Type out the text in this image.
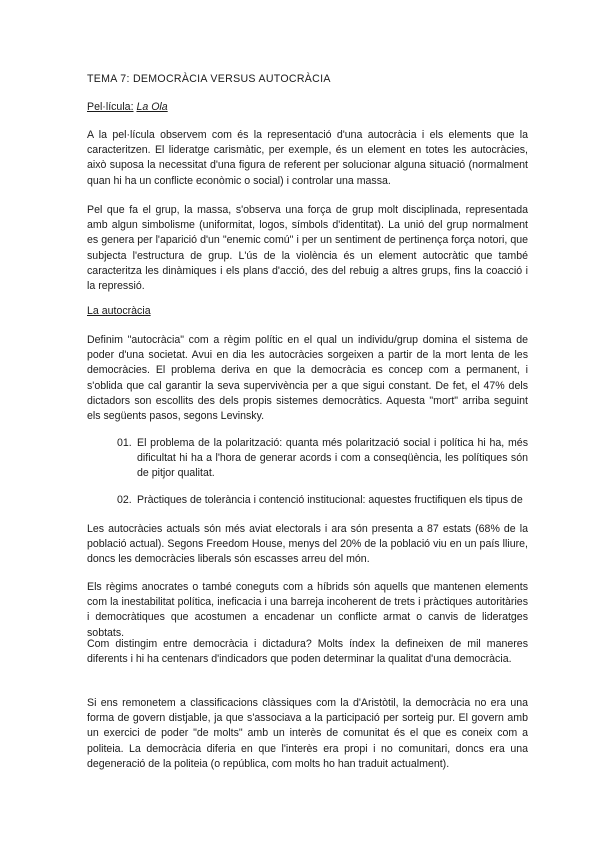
TEMA 7: DEMOCRÀCIA VERSUS AUTOCRÀCIA

Pel·lícula: La Ola

A la pel·lícula observem com és la representació d'una autocràcia i els elements que la caracteritzen. El lideratge carismàtic, per exemple, és un element en totes les autocràcies, això suposa la necessitat d'una figura de referent per solucionar alguna situació (normalment quan hi ha un conflicte econòmic o social) i controlar una massa.

Pel que fa el grup, la massa, s'observa una força de grup molt disciplinada, representada amb algun simbolisme (uniformitat, logos, símbols d'identitat). La unió del grup normalment es genera per l'aparició d'un "enemic comú" i per un sentiment de pertinença força notori, que subjecta l'estructura de grup. L'ús de la violència és un element autocràtic que també caracteritza les dinàmiques i els plans d'acció, des del rebuig a altres grups, fins la coacció i la repressió.

La autocràcia

Definim "autocràcia" com a règim polític en el qual un individu/grup domina el sistema de poder d'una societat. Avui en dia les autocràcies sorgeixen a partir de la mort lenta de les democràcies. El problema deriva en que la democràcia es concep com a permanent, i s'oblida que cal garantir la seva supervivència per a que sigui constant. De fet, el 47% dels dictadors son escollits des dels propis sistemes democràtics. Aquesta "mort" arriba seguint els següents pasos, segons Levinsky.

01. El problema de la polarització: quanta més polarització social i política hi ha, més dificultat hi ha a l'hora de generar acords i com a conseqüència, les polítiques són de pitjor qualitat.
02. Pràctiques de tolerància i contenció institucional: aquestes fructifiquen els tipus de

Les autocràcies actuals són més aviat electorals i ara són presenta a 87 estats (68% de la població actual). Segons Freedom House, menys del 20% de la població viu en un país lliure, doncs les democràcies liberals són escasses arreu del món.

Els règims anocrates o també coneguts com a híbrids són aquells que mantenen elements com la inestabilitat política, ineficacia i una barreja incoherent de trets i pràctiques autoritàries i democràtiques que acostumen a encadenar un conflicte armat o canvis de lideratges sobtats.

Com distingim entre democràcia i dictadura? Molts índex la defineixen de mil maneres diferents i hi ha centenars d'indicadors que poden determinar la qualitat d'una democràcia.

Si ens remonetem a classificacions clàssiques com la d'Aristòtil, la democràcia no era una forma de govern distjable, ja que s'associava a la participació per sorteig pur. El govern amb un exercici de poder "de molts" amb un interès de comunitat és el que es coneix com a politeia. La democràcia diferia en que l'interès era propi i no comunitari, doncs era una degeneració de la politeia (o república, com molts ho han traduit actualment).
